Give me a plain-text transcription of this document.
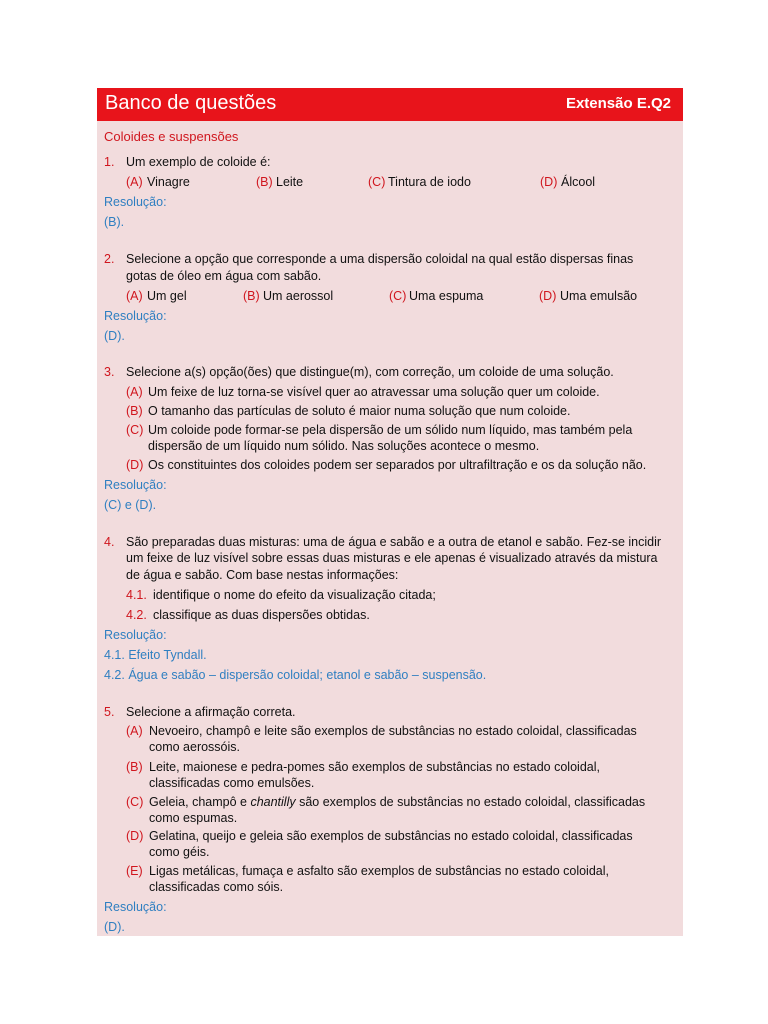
Banco de questões	Extensão E.Q2
Coloides e suspensões
1. Um exemplo de coloide é:
(A) Vinagre	(B) Leite	(C) Tintura de iodo	(D) Álcool
Resolução:
(B).
2. Selecione a opção que corresponde a uma dispersão coloidal na qual estão dispersas finas
gotas de óleo em água com sabão.
(A) Um gel	(B) Um aerossol	(C) Uma espuma	(D) Uma emulsão
Resolução:
(D).
3. Selecione a(s) opção(ões) que distingue(m), com correção, um coloide de uma solução.
(A) Um feixe de luz torna-se visível quer ao atravessar uma solução quer um coloide.
(B) O tamanho das partículas de soluto é maior numa solução que num coloide.
(C) Um coloide pode formar-se pela dispersão de um sólido num líquido, mas também pela
dispersão de um líquido num sólido. Nas soluções acontece o mesmo.
(D) Os constituintes dos coloides podem ser separados por ultrafiltração e os da solução não.
Resolução:
(C) e (D).
4. São preparadas duas misturas: uma de água e sabão e a outra de etanol e sabão. Fez-se incidir
um feixe de luz visível sobre essas duas misturas e ele apenas é visualizado através da mistura
de água e sabão. Com base nestas informações:
4.1. identifique o nome do efeito da visualização citada;
4.2. classifique as duas dispersões obtidas.
Resolução:
4.1. Efeito Tyndall.
4.2. Água e sabão – dispersão coloidal; etanol e sabão – suspensão.
5. Selecione a afirmação correta.
(A) Nevoeiro, champô e leite são exemplos de substâncias no estado coloidal, classificadas
como aerossóis.
(B) Leite, maionese e pedra-pomes são exemplos de substâncias no estado coloidal,
classificadas como emulsões.
(C) Geleia, champô e chantilly são exemplos de substâncias no estado coloidal, classificadas
como espumas.
(D) Gelatina, queijo e geleia são exemplos de substâncias no estado coloidal, classificadas
como géis.
(E) Ligas metálicas, fumaça e asfalto são exemplos de substâncias no estado coloidal,
classificadas como sóis.
Resolução:
(D).
